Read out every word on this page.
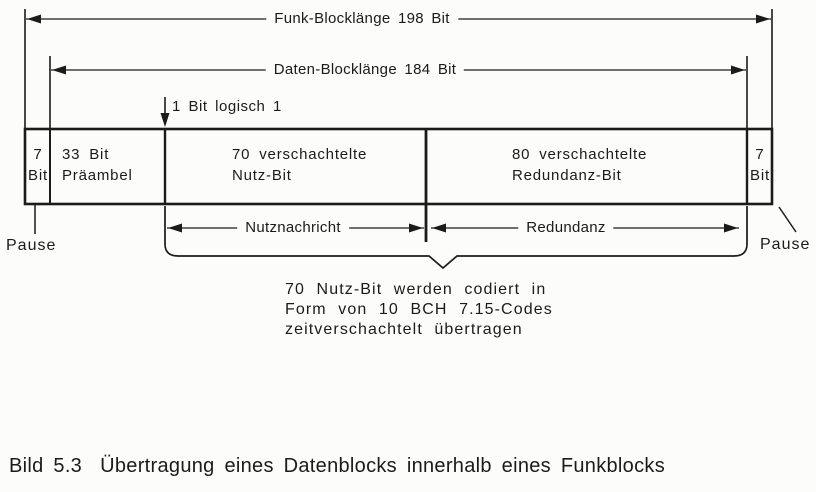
Funk-Blocklänge 198 Bit
Daten-Blocklänge 184 Bit
1 Bit logisch 1
7
Bit
33 Bit
Präambel
70 verschachtelte
Nutz-Bit
80 verschachtelte
Redundanz-Bit
7
Bit
Nutznachricht	Redundanz
Pause	Pause
70 Nutz-Bit werden codiert in
Form von 10 BCH 7.15-Codes
zeitverschachtelt übertragen
Bild 5.3 Übertragung eines Datenblocks innerhalb eines Funkblocks
